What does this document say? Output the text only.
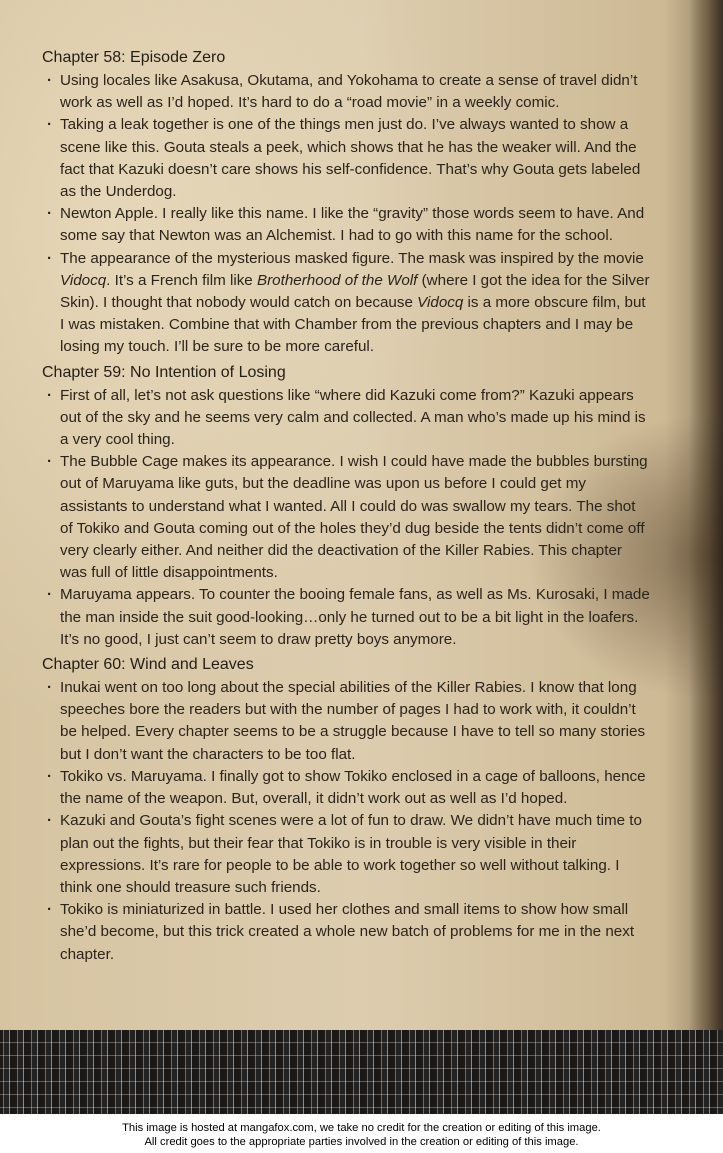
Chapter 58: Episode Zero

· Using locales like Asakusa, Okutama, and Yokohama to create a sense of travel didn’t work as well as I’d hoped. It’s hard to do a “road movie” in a weekly comic.

· Taking a leak together is one of the things men just do. I’ve always wanted to show a scene like this. Gouta steals a peek, which shows that he has the weaker will. And the fact that Kazuki doesn’t care shows his self-confidence. That’s why Gouta gets labeled as the Underdog.

· Newton Apple. I really like this name. I like the “gravity” those words seem to have. And some say that Newton was an Alchemist. I had to go with this name for the school.

· The appearance of the mysterious masked figure. The mask was inspired by the movie Vidocq. It’s a French film like Brotherhood of the Wolf (where I got the idea for the Silver Skin). I thought that nobody would catch on because Vidocq is a more obscure film, but I was mistaken. Combine that with Chamber from the previous chapters and I may be losing my touch. I’ll be sure to be more careful.

Chapter 59: No Intention of Losing

· First of all, let’s not ask questions like “where did Kazuki come from?” Kazuki appears out of the sky and he seems very calm and collected. A man who’s made up his mind is a very cool thing.

· The Bubble Cage makes its appearance. I wish I could have made the bubbles bursting out of Maruyama like guts, but the deadline was upon us before I could get my assistants to understand what I wanted. All I could do was swallow my tears. The shot of Tokiko and Gouta coming out of the holes they’d dug beside the tents didn’t come off very clearly either. And neither did the deactivation of the Killer Rabies. This chapter was full of little disappointments.

· Maruyama appears. To counter the booing female fans, as well as Ms. Kurosaki, I made the man inside the suit good-looking…only he turned out to be a bit light in the loafers. It’s no good, I just can’t seem to draw pretty boys anymore.

Chapter 60: Wind and Leaves

· Inukai went on too long about the special abilities of the Killer Rabies. I know that long speeches bore the readers but with the number of pages I had to work with, it couldn’t be helped. Every chapter seems to be a struggle because I have to tell so many stories but I don’t want the characters to be too flat.

· Tokiko vs. Maruyama. I finally got to show Tokiko enclosed in a cage of balloons, hence the name of the weapon. But, overall, it didn’t work out as well as I’d hoped.

· Kazuki and Gouta’s fight scenes were a lot of fun to draw. We didn’t have much time to plan out the fights, but their fear that Tokiko is in trouble is very visible in their expressions. It’s rare for people to be able to work together so well without talking. I think one should treasure such friends.

· Tokiko is miniaturized in battle. I used her clothes and small items to show how small she’d become, but this trick created a whole new batch of problems for me in the next chapter.

This image is hosted at mangafox.com, we take no credit for the creation or editing of this image.
All credit goes to the appropriate parties involved in the creation or editing of this image.
